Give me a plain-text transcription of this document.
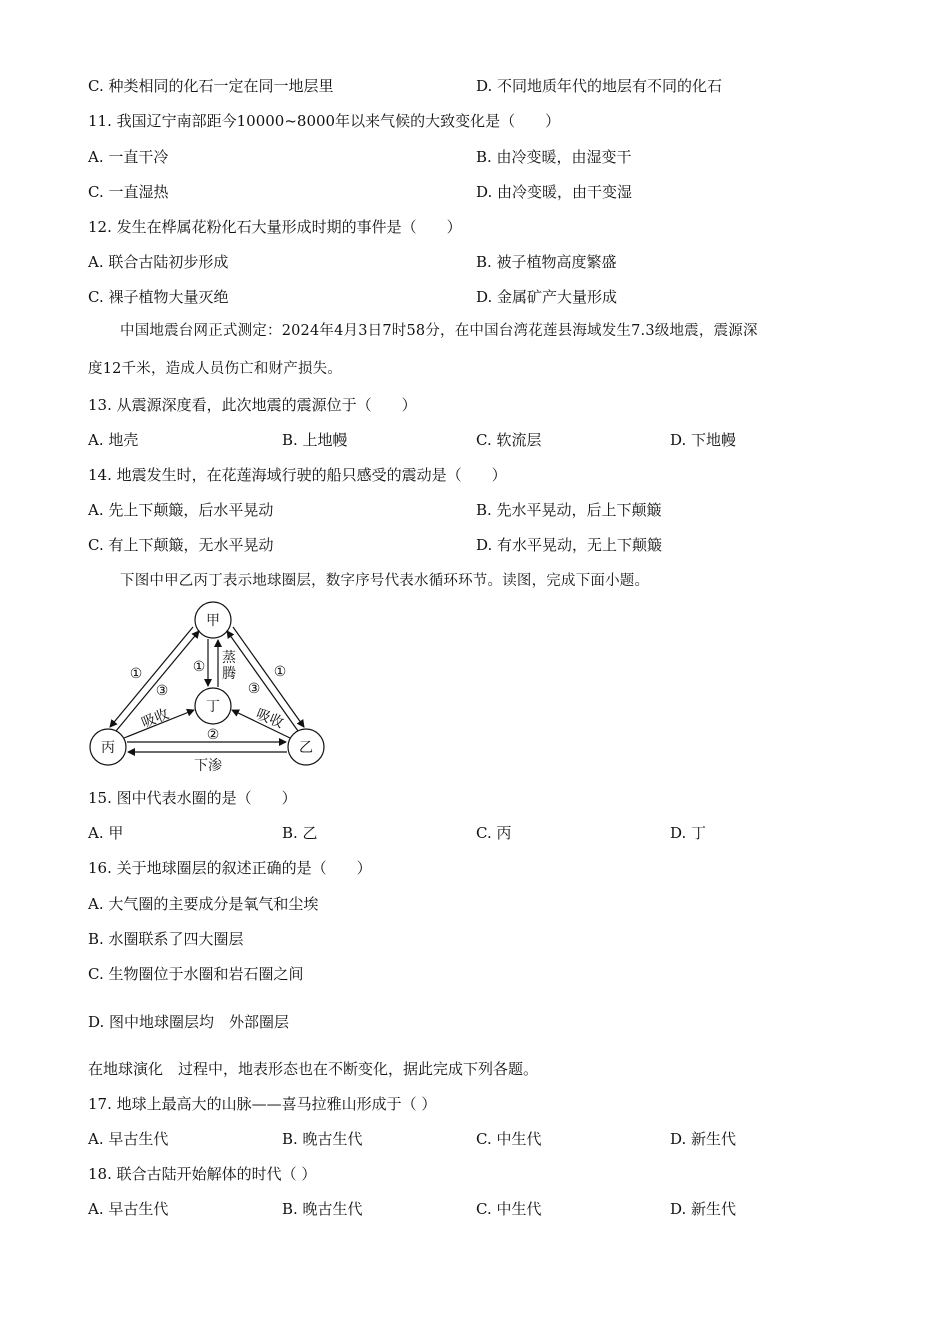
C. 种类相同的化石一定在同一地层里	D. 不同地质年代的地层有不同的化石
11. 我国辽宁南部距今10000~8000年以来气候的大致变化是（　　）
A. 一直干冷	B. 由冷变暖，由湿变干
C. 一直湿热	D. 由冷变暖，由干变湿
12. 发生在桦属花粉化石大量形成时期的事件是（　　）
A. 联合古陆初步形成	B. 被子植物高度繁盛
C. 裸子植物大量灭绝	D. 金属矿产大量形成
中国地震台网正式测定：2024年4月3日7时58分，在中国台湾花莲县海域发生7.3级地震，震源深
度12千米，造成人员伤亡和财产损失。
13. 从震源深度看，此次地震的震源位于（　　）
A. 地壳	B. 上地幔	C. 软流层	D. 下地幔
14. 地震发生时，在花莲海域行驶的船只感受的震动是（　　）
A. 先上下颠簸，后水平晃动	B. 先水平晃动，后上下颠簸
C. 有上下颠簸，无水平晃动	D. 有水平晃动，无上下颠簸
下图中甲乙丙丁表示地球圈层，数字序号代表水循环环节。读图，完成下面小题。
甲
丁
丙	乙
①	①	①
③	③
②
蒸
腾
吸收	吸收
下渗
15. 图中代表水圈的是（　　）
A. 甲	B. 乙	C. 丙	D. 丁
16. 关于地球圈层的叙述正确的是（　　）
A. 大气圈的主要成分是氧气和尘埃
B. 水圈联系了四大圈层
C. 生物圈位于水圈和岩石圈之间
D. 图中地球圈层均　外部圈层
在地球演化　过程中，地表形态也在不断变化，据此完成下列各题。
17. 地球上最高大的山脉——喜马拉雅山形成于（ ）
A. 早古生代	B. 晚古生代	C. 中生代	D. 新生代
18. 联合古陆开始解体的时代（ ）
A. 早古生代	B. 晚古生代	C. 中生代	D. 新生代
